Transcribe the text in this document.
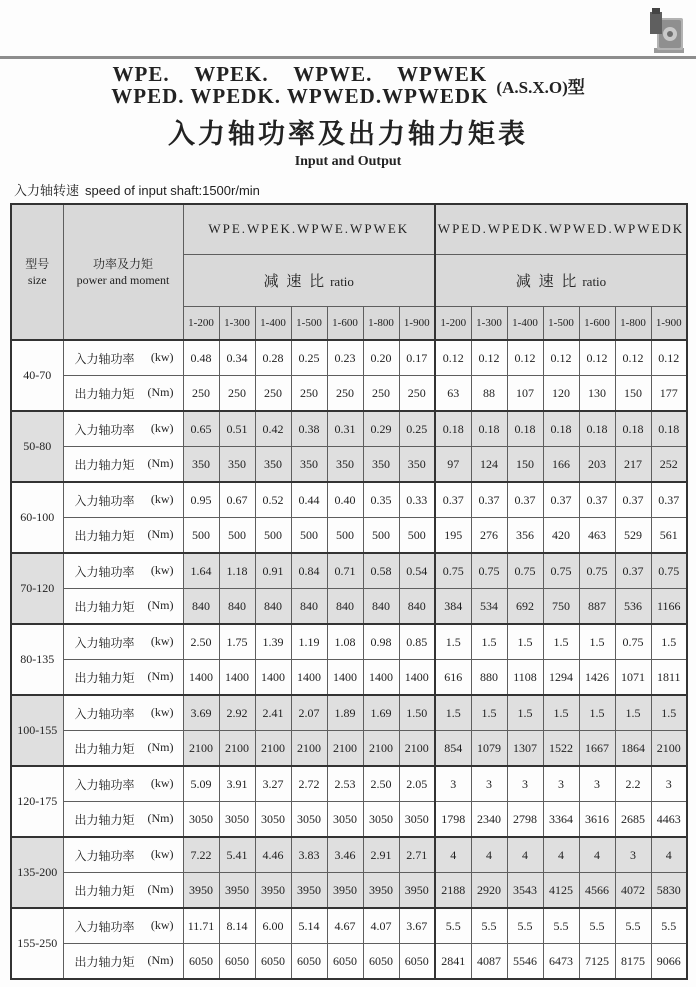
WPE.    WPEK.    WPWE.    WPWEK
WPED. WPEDK. WPWED.WPWEDK (A.S.X.O)型
入力轴功率及出力轴力矩表
Input and Output
入力轴转速 speed of input shaft:1500r/min
型号
size	功率及力矩
power and moment	WPE.WPEK.WPWE.WPWEK							WPED.WPEDK.WPWED.WPWEDK						
		减 速 比 ratio							减 速 比 ratio						
		1-200	1-300	1-400	1-500	1-600	1-800	1-900	1-200	1-300	1-400	1-500	1-600	1-800	1-900
40-70	入力轴功率 (kw)	0.48	0.34	0.28	0.25	0.23	0.20	0.17	0.12	0.12	0.12	0.12	0.12	0.12	0.12

	出力轴力矩 (Nm)	250	250	250	250	250	250	250	63	88	107	120	130	150	177
50-80	入力轴功率 (kw)	0.65	0.51	0.42	0.38	0.31	0.29	0.25	0.18	0.18	0.18	0.18	0.18	0.18	0.18

	出力轴力矩 (Nm)	350	350	350	350	350	350	350	97	124	150	166	203	217	252
60-100	入力轴功率 (kw)	0.95	0.67	0.52	0.44	0.40	0.35	0.33	0.37	0.37	0.37	0.37	0.37	0.37	0.37

	出力轴力矩 (Nm)	500	500	500	500	500	500	500	195	276	356	420	463	529	561
70-120	入力轴功率 (kw)	1.64	1.18	0.91	0.84	0.71	0.58	0.54	0.75	0.75	0.75	0.75	0.75	0.37	0.75

	出力轴力矩 (Nm)	840	840	840	840	840	840	840	384	534	692	750	887	536	1166
80-135	入力轴功率 (kw)	2.50	1.75	1.39	1.19	1.08	0.98	0.85	1.5	1.5	1.5	1.5	1.5	0.75	1.5

	出力轴力矩 (Nm)	1400	1400	1400	1400	1400	1400	1400	616	880	1108	1294	1426	1071	1811
100-155	入力轴功率 (kw)	3.69	2.92	2.41	2.07	1.89	1.69	1.50	1.5	1.5	1.5	1.5	1.5	1.5	1.5

	出力轴力矩 (Nm)	2100	2100	2100	2100	2100	2100	2100	854	1079	1307	1522	1667	1864	2100
120-175	入力轴功率 (kw)	5.09	3.91	3.27	2.72	2.53	2.50	2.05	3	3	3	3	3	2.2	3

	出力轴力矩 (Nm)	3050	3050	3050	3050	3050	3050	3050	1798	2340	2798	3364	3616	2685	4463
135-200	入力轴功率 (kw)	7.22	5.41	4.46	3.83	3.46	2.91	2.71	4	4	4	4	4	3	4

	出力轴力矩 (Nm)	3950	3950	3950	3950	3950	3950	3950	2188	2920	3543	4125	4566	4072	5830
155-250	入力轴功率 (kw)	11.71	8.14	6.00	5.14	4.67	4.07	3.67	5.5	5.5	5.5	5.5	5.5	5.5	5.5

	出力轴力矩 (Nm)	6050	6050	6050	6050	6050	6050	6050	2841	4087	5546	6473	7125	8175	9066
